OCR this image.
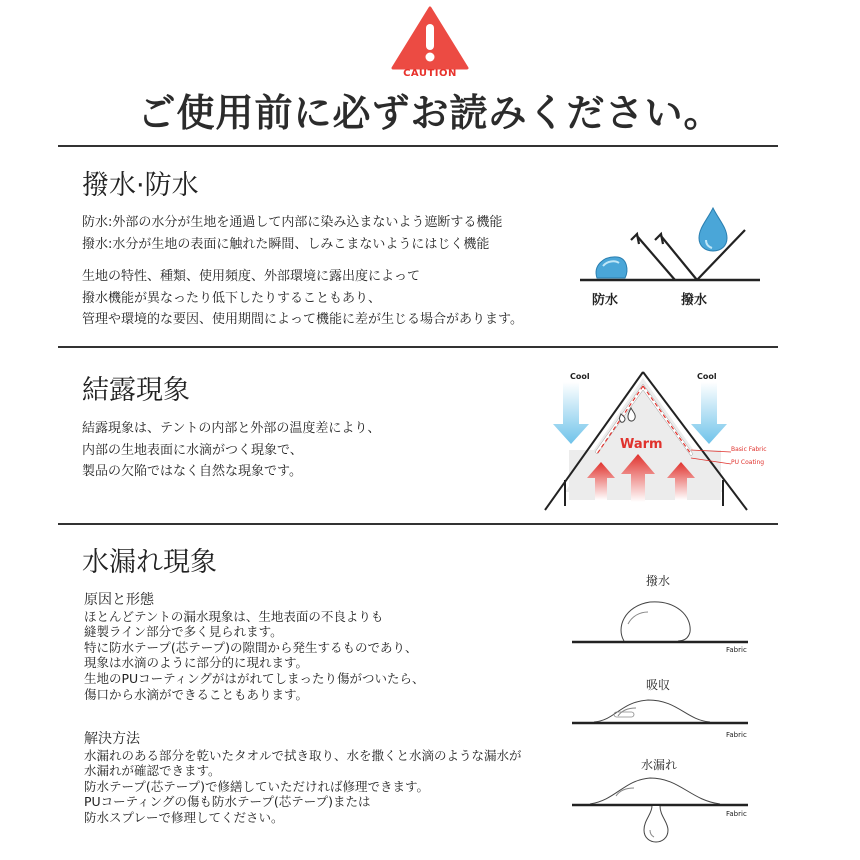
CAUTION
ご使用前に必ずお読みください。
撥水·防水
防水:外部の水分が生地を通過して内部に染み込まないよう遮断する機能
撥水:水分が生地の表面に触れた瞬間、しみこまないようにはじく機能
生地の特性、種類、使用頻度、外部環境に露出度によって
撥水機能が異なったり低下したりすることもあり、
管理や環境的な要因、使用期間によって機能に差が生じる場合があります。
防水	撥水
結露現象
結露現象は、テントの内部と外部の温度差により、
内部の生地表面に水滴がつく現象で、
製品の欠陥ではなく自然な現象です。
Cool	Cool
Warm	Basic Fabric
PU Coating
水漏れ現象
原因と形態
ほとんどテントの漏水現象は、生地表面の不良よりも
縫製ライン部分で多く見られます。
特に防水テープ(芯テープ)の隙間から発生するものであり、
現象は水滴のように部分的に現れます。
生地のPUコーティングがはがれてしまったり傷がついたら、
傷口から水滴ができることもあります。
解決方法
水漏れのある部分を乾いたタオルで拭き取り、水を撒くと水滴のような漏水が
水漏れが確認できます。
防水テープ(芯テープ)で修繕していただければ修理できます。
PUコーティングの傷も防水テープ(芯テープ)または
防水スプレーで修理してください。
撥水
Fabric
吸収
Fabric
水漏れ
Fabric
